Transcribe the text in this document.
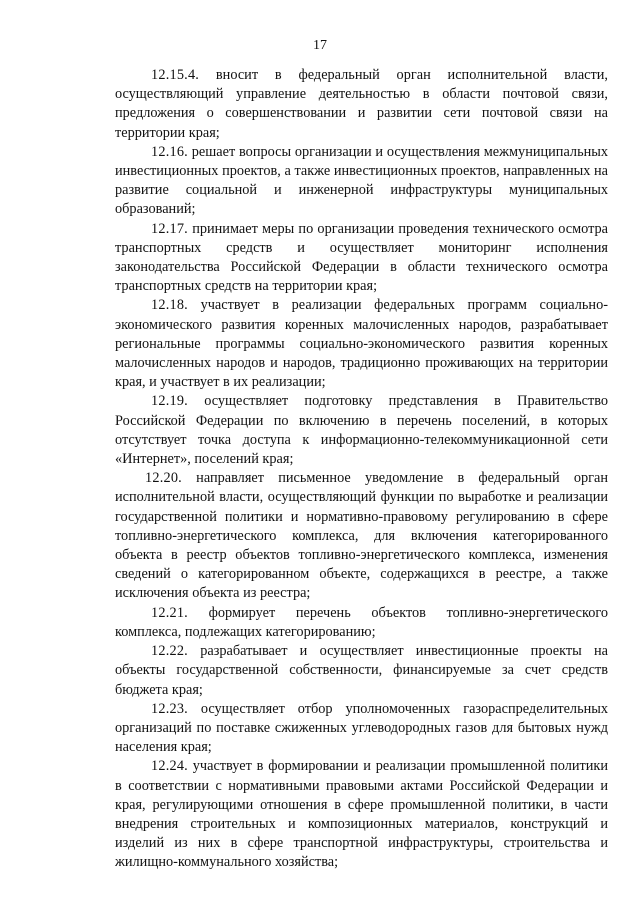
17

12.15.4. вносит в федеральный орган исполнительной власти, осуществляющий управление деятельностью в области почтовой связи, предложения о совершенствовании и развитии сети почтовой связи на территории края;

12.16. решает вопросы организации и осуществления межмуниципальных инвестиционных проектов, а также инвестиционных проектов, направленных на развитие социальной и инженерной инфраструктуры муниципальных образований;

12.17. принимает меры по организации проведения технического осмотра транспортных средств и осуществляет мониторинг исполнения законодательства Российской Федерации в области технического осмотра транспортных средств на территории края;

12.18. участвует в реализации федеральных программ социально-экономического развития коренных малочисленных народов, разрабатывает региональные программы социально-экономического развития коренных малочисленных народов и народов, традиционно проживающих на территории края, и участвует в их реализации;

12.19. осуществляет подготовку представления в Правительство Российской Федерации по включению в перечень поселений, в которых отсутствует точка доступа к информационно-телекоммуникационной сети «Интернет», поселений края;

12.20. направляет письменное уведомление в федеральный орган исполнительной власти, осуществляющий функции по выработке и реализации государственной политики и нормативно-правовому регулированию в сфере топливно-энергетического комплекса, для включения категорированного объекта в реестр объектов топливно-энергетического комплекса, изменения сведений о категорированном объекте, содержащихся в реестре, а также исключения объекта из реестра;

12.21. формирует перечень объектов топливно-энергетического комплекса, подлежащих категорированию;

12.22. разрабатывает и осуществляет инвестиционные проекты на объекты государственной собственности, финансируемые за счет средств бюджета края;

12.23. осуществляет отбор уполномоченных газораспределительных организаций по поставке сжиженных углеводородных газов для бытовых нужд населения края;

12.24. участвует в формировании и реализации промышленной политики в соответствии с нормативными правовыми актами Российской Федерации и края, регулирующими отношения в сфере промышленной политики, в части внедрения строительных и композиционных материалов, конструкций и изделий из них в сфере транспортной инфраструктуры, строительства и жилищно-коммунального хозяйства;
